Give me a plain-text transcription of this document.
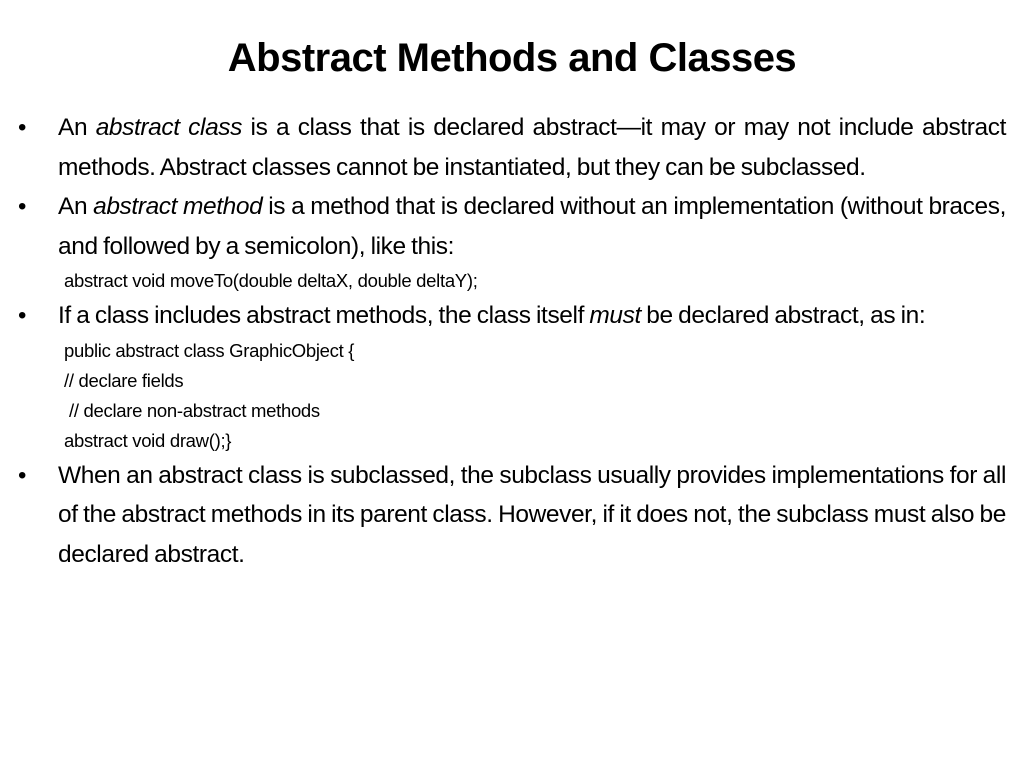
Abstract Methods and Classes
• An abstract class is a class that is declared abstract—it may or may not include abstract methods. Abstract classes cannot be instantiated, but they can be subclassed.
• An abstract method is a method that is declared without an implementation (without braces, and followed by a semicolon), like this:
abstract void moveTo(double deltaX, double deltaY);
• If a class includes abstract methods, the class itself must be declared abstract, as in:
public abstract class GraphicObject {
// declare fields
// declare non-abstract methods
abstract void draw();}
• When an abstract class is subclassed, the subclass usually provides implementations for all of the abstract methods in its parent class. However, if it does not, the subclass must also be declared abstract.
